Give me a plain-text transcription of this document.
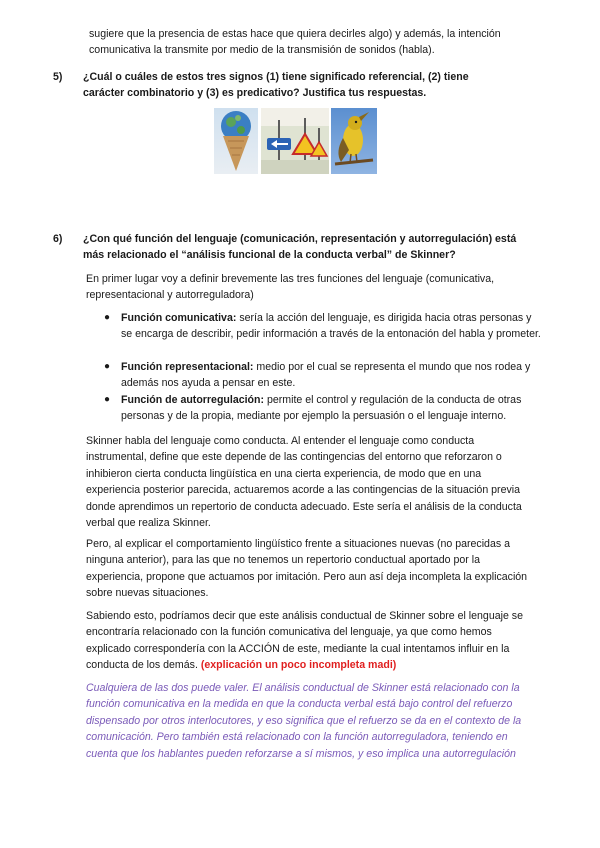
sugiere que la presencia de estas hace que quiera decirles algo) y además, la intención comunicativa la transmite por medio de la transmisión de sonidos (habla).

5) ¿Cuál o cuáles de estos tres signos (1) tiene significado referencial, (2) tiene carácter combinatorio y (3) es predicativo? Justifica tus respuestas.

6) ¿Con qué función del lenguaje (comunicación, representación y autorregulación) está más relacionado el “análisis funcional de la conducta verbal” de Skinner?

En primer lugar voy a definir brevemente las tres funciones del lenguaje (comunicativa, representacional y autorreguladora)

● Función comunicativa: sería la acción del lenguaje, es dirigida hacia otras personas y se encarga de describir, pedir información a través de la entonación del habla y prometer.

● Función representacional: medio por el cual se representa el mundo que nos rodea y además nos ayuda a pensar en este.

● Función de autorregulación: permite el control y regulación de la conducta de otras personas y de la propia, mediante por ejemplo la persuasión o el lenguaje interno.

Skinner habla del lenguaje como conducta. Al entender el lenguaje como conducta instrumental, define que este depende de las contingencias del entorno que reforzaron o inhibieron cierta conducta lingüística en una cierta experiencia, de modo que en una experiencia posterior parecida, actuaremos acorde a las contingencias de la situación previa donde aprendimos un repertorio de conducta adecuado. Este sería el análisis de la conducta verbal que realiza Skinner.

Pero, al explicar el comportamiento lingüístico frente a situaciones nuevas (no parecidas a ninguna anterior), para las que no tenemos un repertorio conductual aportado por la experiencia, propone que actuamos por imitación. Pero aun así deja incompleta la explicación sobre nuevas situaciones.

Sabiendo esto, podríamos decir que este análisis conductual de Skinner sobre el lenguaje se encontraría relacionado con la función comunicativa del lenguaje, ya que como hemos explicado correspondería con la ACCIÓN de este, mediante la cual intentamos influir en la conducta de los demás. (explicación un poco incompleta madi)

Cualquiera de las dos puede valer. El análisis conductual de Skinner está relacionado con la función comunicativa en la medida en que la conducta verbal está bajo control del refuerzo dispensado por otros interlocutores, y eso significa que el refuerzo se da en el contexto de la comunicación. Pero también está relacionado con la función autorreguladora, teniendo en cuenta que los hablantes pueden reforzarse a sí mismos, y eso implica una autorregulación
